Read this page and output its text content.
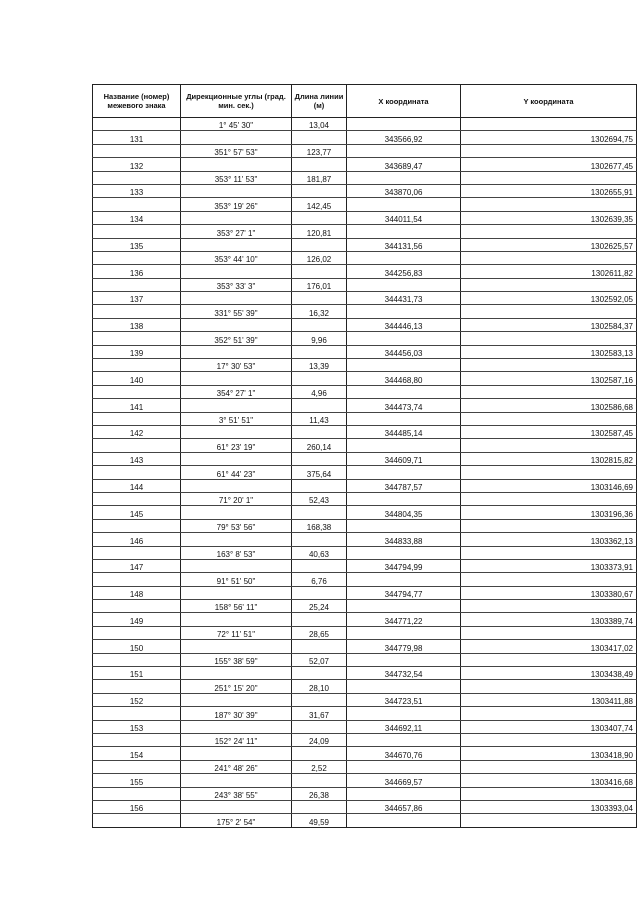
Название (номер) межевого знака	Дирекционные углы (град. мин. сек.)	Длина линии (м)	X координата	Y координата
	1° 45' 30"	13,04		
131			343566,92	1302694,75
	351° 57' 53"	123,77		
132			343689,47	1302677,45
	353° 11' 53"	181,87		
133			343870,06	1302655,91
	353° 19' 26"	142,45		
134			344011,54	1302639,35
	353° 27' 1"	120,81		
135			344131,56	1302625,57
	353° 44' 10"	126,02		
136			344256,83	1302611,82
	353° 33' 3"	176,01		
137			344431,73	1302592,05
	331° 55' 39"	16,32		
138			344446,13	1302584,37
	352° 51' 39"	9,96		
139			344456,03	1302583,13
	17° 30' 53"	13,39		
140			344468,80	1302587,16
	354° 27' 1"	4,96		
141			344473,74	1302586,68
	3° 51' 51"	11,43		
142			344485,14	1302587,45
	61° 23' 19"	260,14		
143			344609,71	1302815,82
	61° 44' 23"	375,64		
144			344787,57	1303146,69
	71° 20' 1"	52,43		
145			344804,35	1303196,36
	79° 53' 56"	168,38		
146			344833,88	1303362,13
	163° 8' 53"	40,63		
147			344794,99	1303373,91
	91° 51' 50"	6,76		
148			344794,77	1303380,67
	158° 56' 11"	25,24		
149			344771,22	1303389,74
	72° 11' 51"	28,65		
150			344779,98	1303417,02
	155° 38' 59"	52,07		
151			344732,54	1303438,49
	251° 15' 20"	28,10		
152			344723,51	1303411,88
	187° 30' 39"	31,67		
153			344692,11	1303407,74
	152° 24' 11"	24,09		
154			344670,76	1303418,90
	241° 48' 26"	2,52		
155			344669,57	1303416,68
	243° 38' 55"	26,38		
156			344657,86	1303393,04
	175° 2' 54"	49,59		
